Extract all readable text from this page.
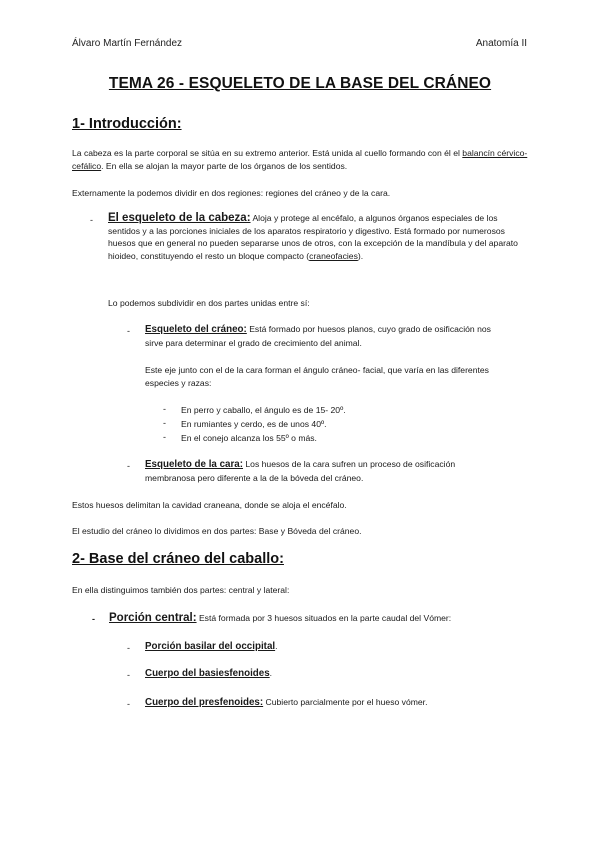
Álvaro Martín Fernández	Anatomía II
TEMA 26 - ESQUELETO DE LA BASE DEL CRÁNEO
1- Introducción:
La cabeza es la parte corporal se sitúa en su extremo anterior. Está unida al cuello formando con él el balancín cérvico-cefálico. En ella se alojan la mayor parte de los órganos de los sentidos.
Externamente la podemos dividir en dos regiones: regiones del cráneo y de la cara.
- El esqueleto de la cabeza: Aloja y protege al encéfalo, a algunos órganos especiales de los sentidos y a las porciones iniciales de los aparatos respiratorio y digestivo. Está formado por numerosos huesos que en general no pueden separarse unos de otros, con la excepción de la mandíbula y del aparato hioideo, constituyendo el resto un bloque compacto (craneofacies).
Lo podemos subdividir en dos partes unidas entre sí:
- Esqueleto del cráneo: Está formado por huesos planos, cuyo grado de osificación nos sirve para determinar el grado de crecimiento del animal.
Este eje junto con el de la cara forman el ángulo cráneo- facial, que varía en las diferentes especies y razas:
- En perro y caballo, el ángulo es de 15- 20º.
- En rumiantes y cerdo, es de unos 40º.
- En el conejo alcanza los 55º o más.
- Esqueleto de la cara: Los huesos de la cara sufren un proceso de osificación membranosa pero diferente a la de la bóveda del cráneo.
Estos huesos delimitan la cavidad craneana, donde se aloja el encéfalo.
El estudio del cráneo lo dividimos en dos partes: Base y Bóveda del cráneo.
2- Base del cráneo del caballo:
En ella distinguimos también dos partes: central y lateral:
- Porción central: Está formada por 3 huesos situados en la parte caudal del Vómer:
- Porción basilar del occipital.
- Cuerpo del basiesfenoides.
- Cuerpo del presfenoides: Cubierto parcialmente por el hueso vómer.
